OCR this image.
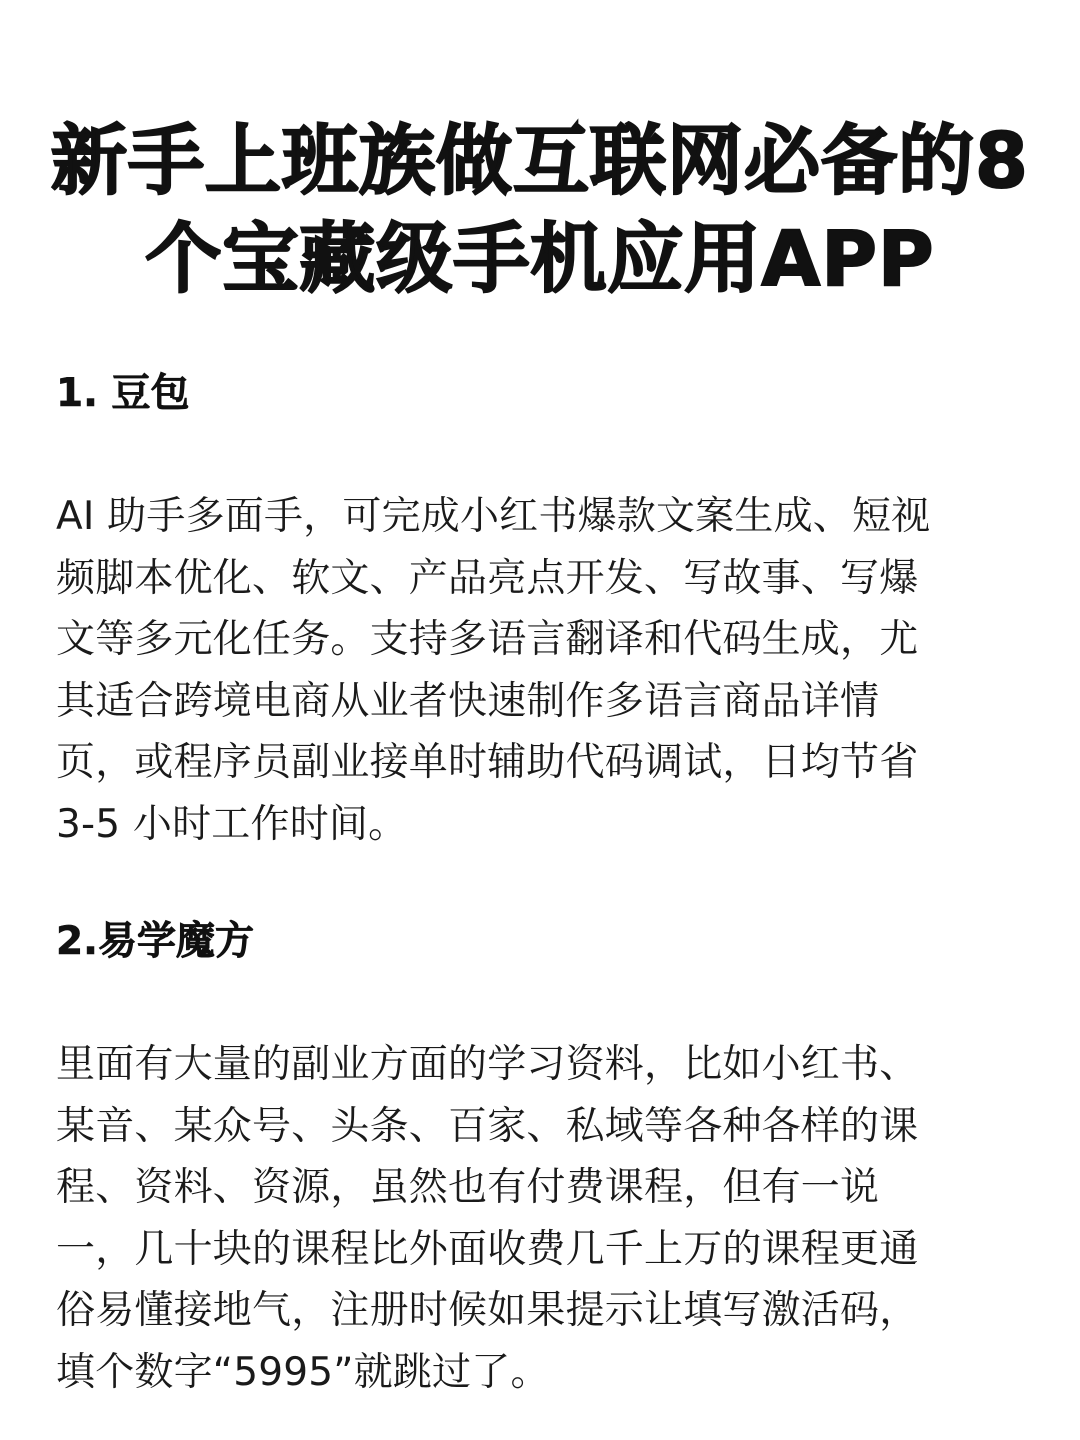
新手上班族做互联网必备的8
个宝藏级手机应用APP
1. 豆包

AI 助手多面手，可完成小红书爆款文案生成、短视
频脚本优化、软文、产品亮点开发、写故事、写爆
文等多元化任务。支持多语言翻译和代码生成，尤
其适合跨境电商从业者快速制作多语言商品详情
页，或程序员副业接单时辅助代码调试，日均节省
3-5 小时工作时间。

2.易学魔方

里面有大量的副业方面的学习资料，比如小红书、
某音、某众号、头条、百家、私域等各种各样的课
程、资料、资源，虽然也有付费课程，但有一说
一，几十块的课程比外面收费几千上万的课程更通
俗易懂接地气，注册时候如果提示让填写激活码，
填个数字“5995”就跳过了。
